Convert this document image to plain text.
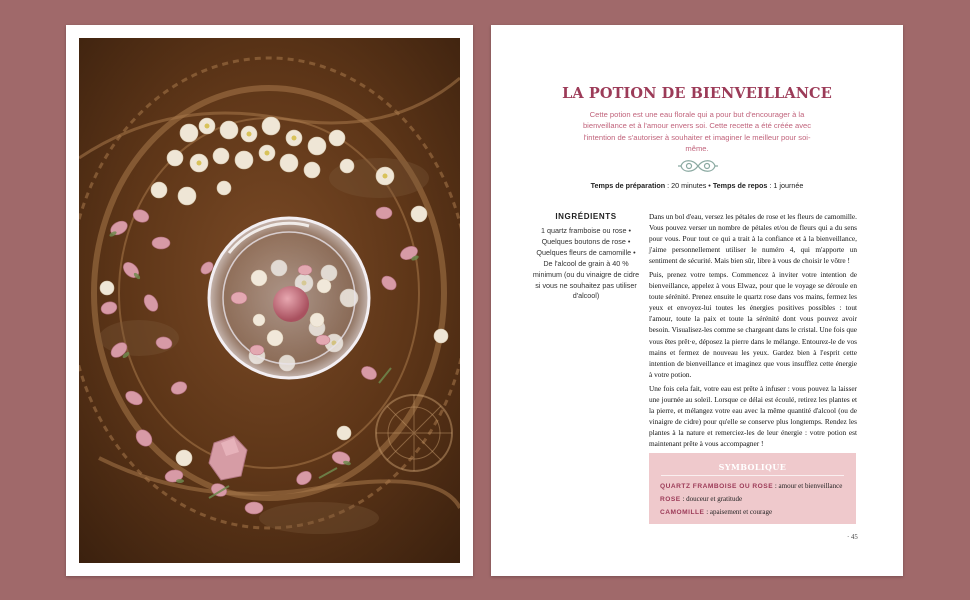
LA POTION DE BIENVEILLANCE

Cette potion est une eau florale qui a pour but d'encourager à la bienveillance et à l'amour envers soi. Cette recette a été créée avec l'intention de s'autoriser à souhaiter et imaginer le meilleur pour soi-même.

Temps de préparation : 20 minutes • Temps de repos : 1 journée

INGRÉDIENTS

1 quartz framboise ou rose • Quelques boutons de rose • Quelques fleurs de camomille • De l'alcool de grain à 40 % minimum (ou du vinaigre de cidre si vous ne souhaitez pas utiliser d'alcool)

Dans un bol d'eau, versez les pétales de rose et les fleurs de camomille. Vous pouvez verser un nombre de pétales et/ou de fleurs qui a du sens pour vous. Pour tout ce qui a trait à la confiance et à la bienveillance, j'aime personnellement utiliser le numéro 4, qui m'apporte un sentiment de sécurité. Mais bien sûr, libre à vous de choisir le vôtre !

Puis, prenez votre temps. Commencez à inviter votre intention de bienveillance, appelez à vous Elwaz, pour que le voyage se déroule en toute sérénité. Prenez ensuite le quartz rose dans vos mains, fermez les yeux et envoyez-lui toutes les énergies positives possibles : tout l'amour, toute la paix et toute la sérénité dont vous pouvez avoir besoin. Visualisez-les comme se chargeant dans le cristal. Une fois que vous êtes prêt·e, déposez la pierre dans le mélange. Entourez-le de vos mains et fermez de nouveau les yeux. Gardez bien à l'esprit cette intention de bienveillance et imaginez que vous insufflez cette énergie à votre potion.

Une fois cela fait, votre eau est prête à infuser : vous pouvez la laisser une journée au soleil. Lorsque ce délai est écoulé, retirez les plantes et la pierre, et mélangez votre eau avec la même quantité d'alcool (ou de vinaigre de cidre) pour qu'elle se conserve plus longtemps. Rendez les plantes à la nature et remerciez-les de leur énergie : votre potion est maintenant prête à vous accompagner !

SYMBOLIQUE

QUARTZ FRAMBOISE OU ROSE : amour et bienveillance

ROSE : douceur et gratitude

CAMOMILLE : apaisement et courage

· 45
